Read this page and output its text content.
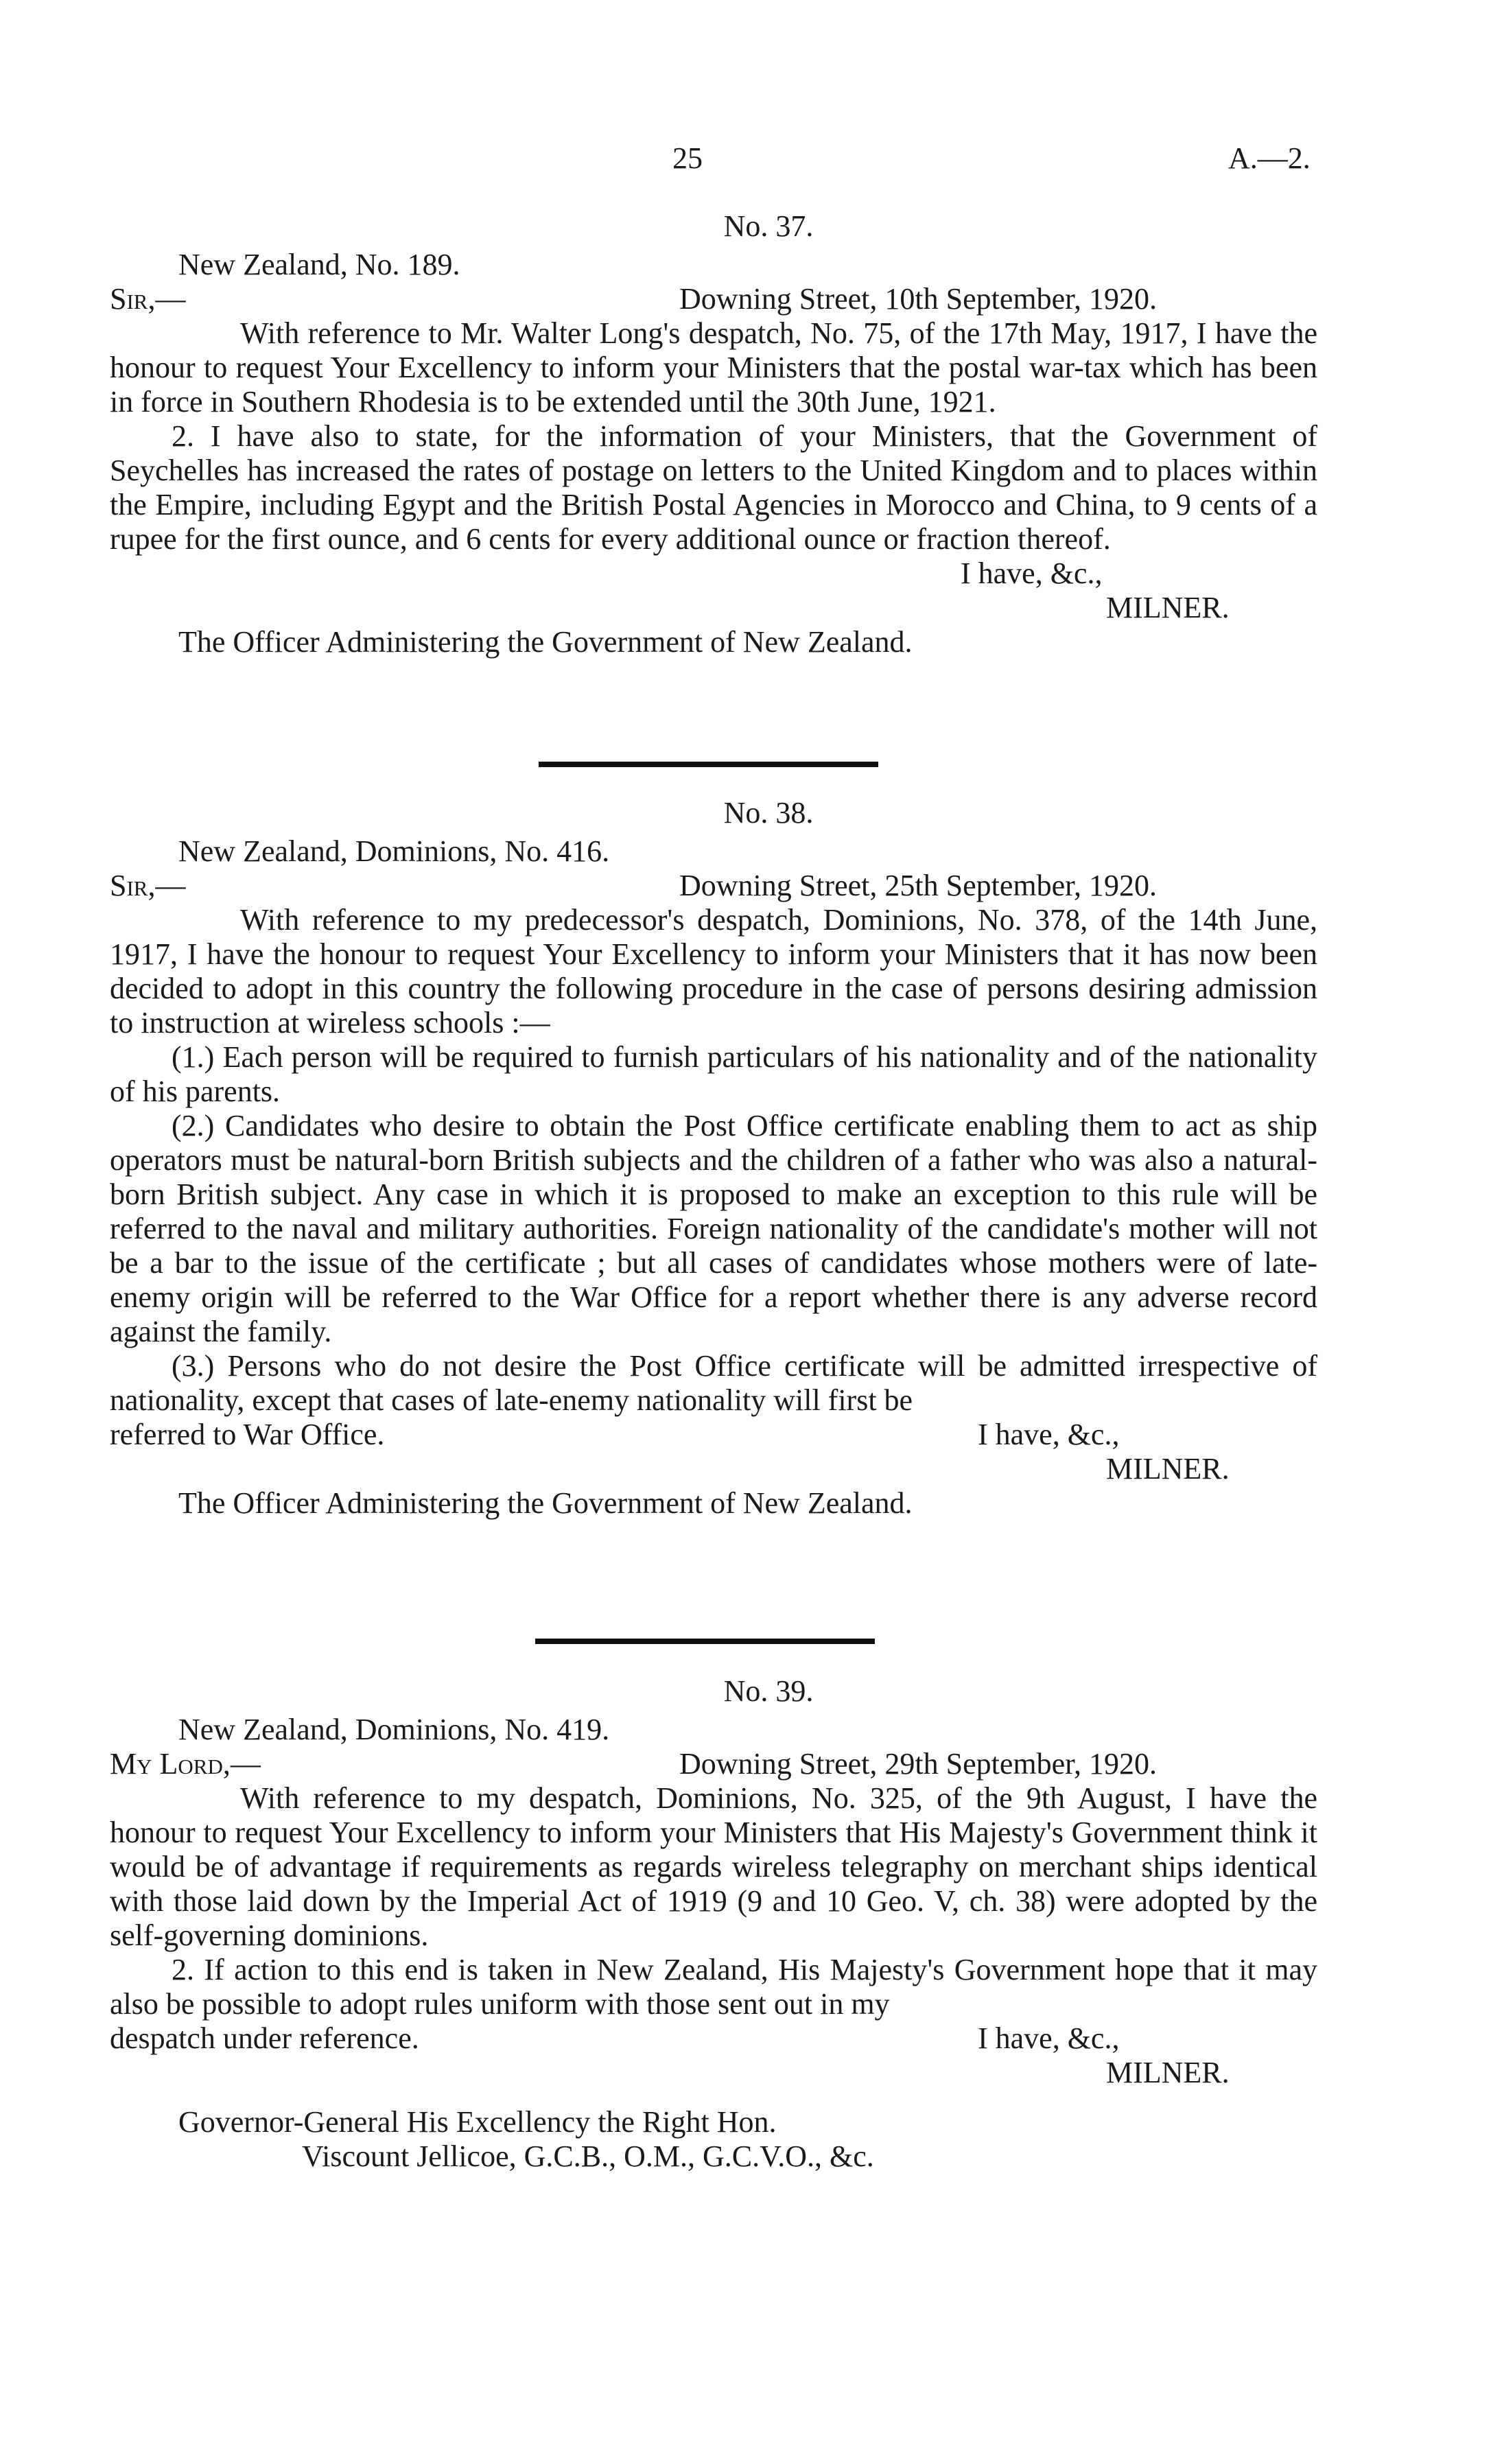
25	A.—2.
No. 37.
New Zealand, No. 189.
Sir,—	Downing Street, 10th September, 1920.

With reference to Mr. Walter Long's despatch, No. 75, of the 17th May, 1917, I have the honour to request Your Excellency to inform your Ministers that the postal war-tax which has been in force in Southern Rhodesia is to be extended until the 30th June, 1921.

2. I have also to state, for the information of your Ministers, that the Government of Seychelles has increased the rates of postage on letters to the United Kingdom and to places within the Empire, including Egypt and the British Postal Agencies in Morocco and China, to 9 cents of a rupee for the first ounce, and 6 cents for every additional ounce or fraction thereof.

I have, &c.,
MILNER.
The Officer Administering the Government of New Zealand.
No. 38.
New Zealand, Dominions, No. 416.
Sir,—	Downing Street, 25th September, 1920.

With reference to my predecessor's despatch, Dominions, No. 378, of the 14th June, 1917, I have the honour to request Your Excellency to inform your Ministers that it has now been decided to adopt in this country the following procedure in the case of persons desiring admission to instruction at wireless schools :—

(1.) Each person will be required to furnish particulars of his nationality and of the nationality of his parents.

(2.) Candidates who desire to obtain the Post Office certificate enabling them to act as ship operators must be natural-born British subjects and the children of a father who was also a natural-born British subject. Any case in which it is proposed to make an exception to this rule will be referred to the naval and military authorities. Foreign nationality of the candidate's mother will not be a bar to the issue of the certificate ; but all cases of candidates whose mothers were of late-enemy origin will be referred to the War Office for a report whether there is any adverse record against the family.

(3.) Persons who do not desire the Post Office certificate will be admitted irrespective of nationality, except that cases of late-enemy nationality will first be

referred to War Office.	I have, &c.,
MILNER.
The Officer Administering the Government of New Zealand.
No. 39.
New Zealand, Dominions, No. 419.
My Lord,—	Downing Street, 29th September, 1920.

With reference to my despatch, Dominions, No. 325, of the 9th August, I have the honour to request Your Excellency to inform your Ministers that His Majesty's Government think it would be of advantage if requirements as regards wireless telegraphy on merchant ships identical with those laid down by the Imperial Act of 1919 (9 and 10 Geo. V, ch. 38) were adopted by the self-governing dominions.

2. If action to this end is taken in New Zealand, His Majesty's Government hope that it may also be possible to adopt rules uniform with those sent out in my

despatch under reference.	I have, &c.,
MILNER.
Governor-General His Excellency the Right Hon.
Viscount Jellicoe, G.C.B., O.M., G.C.V.O., &c.
